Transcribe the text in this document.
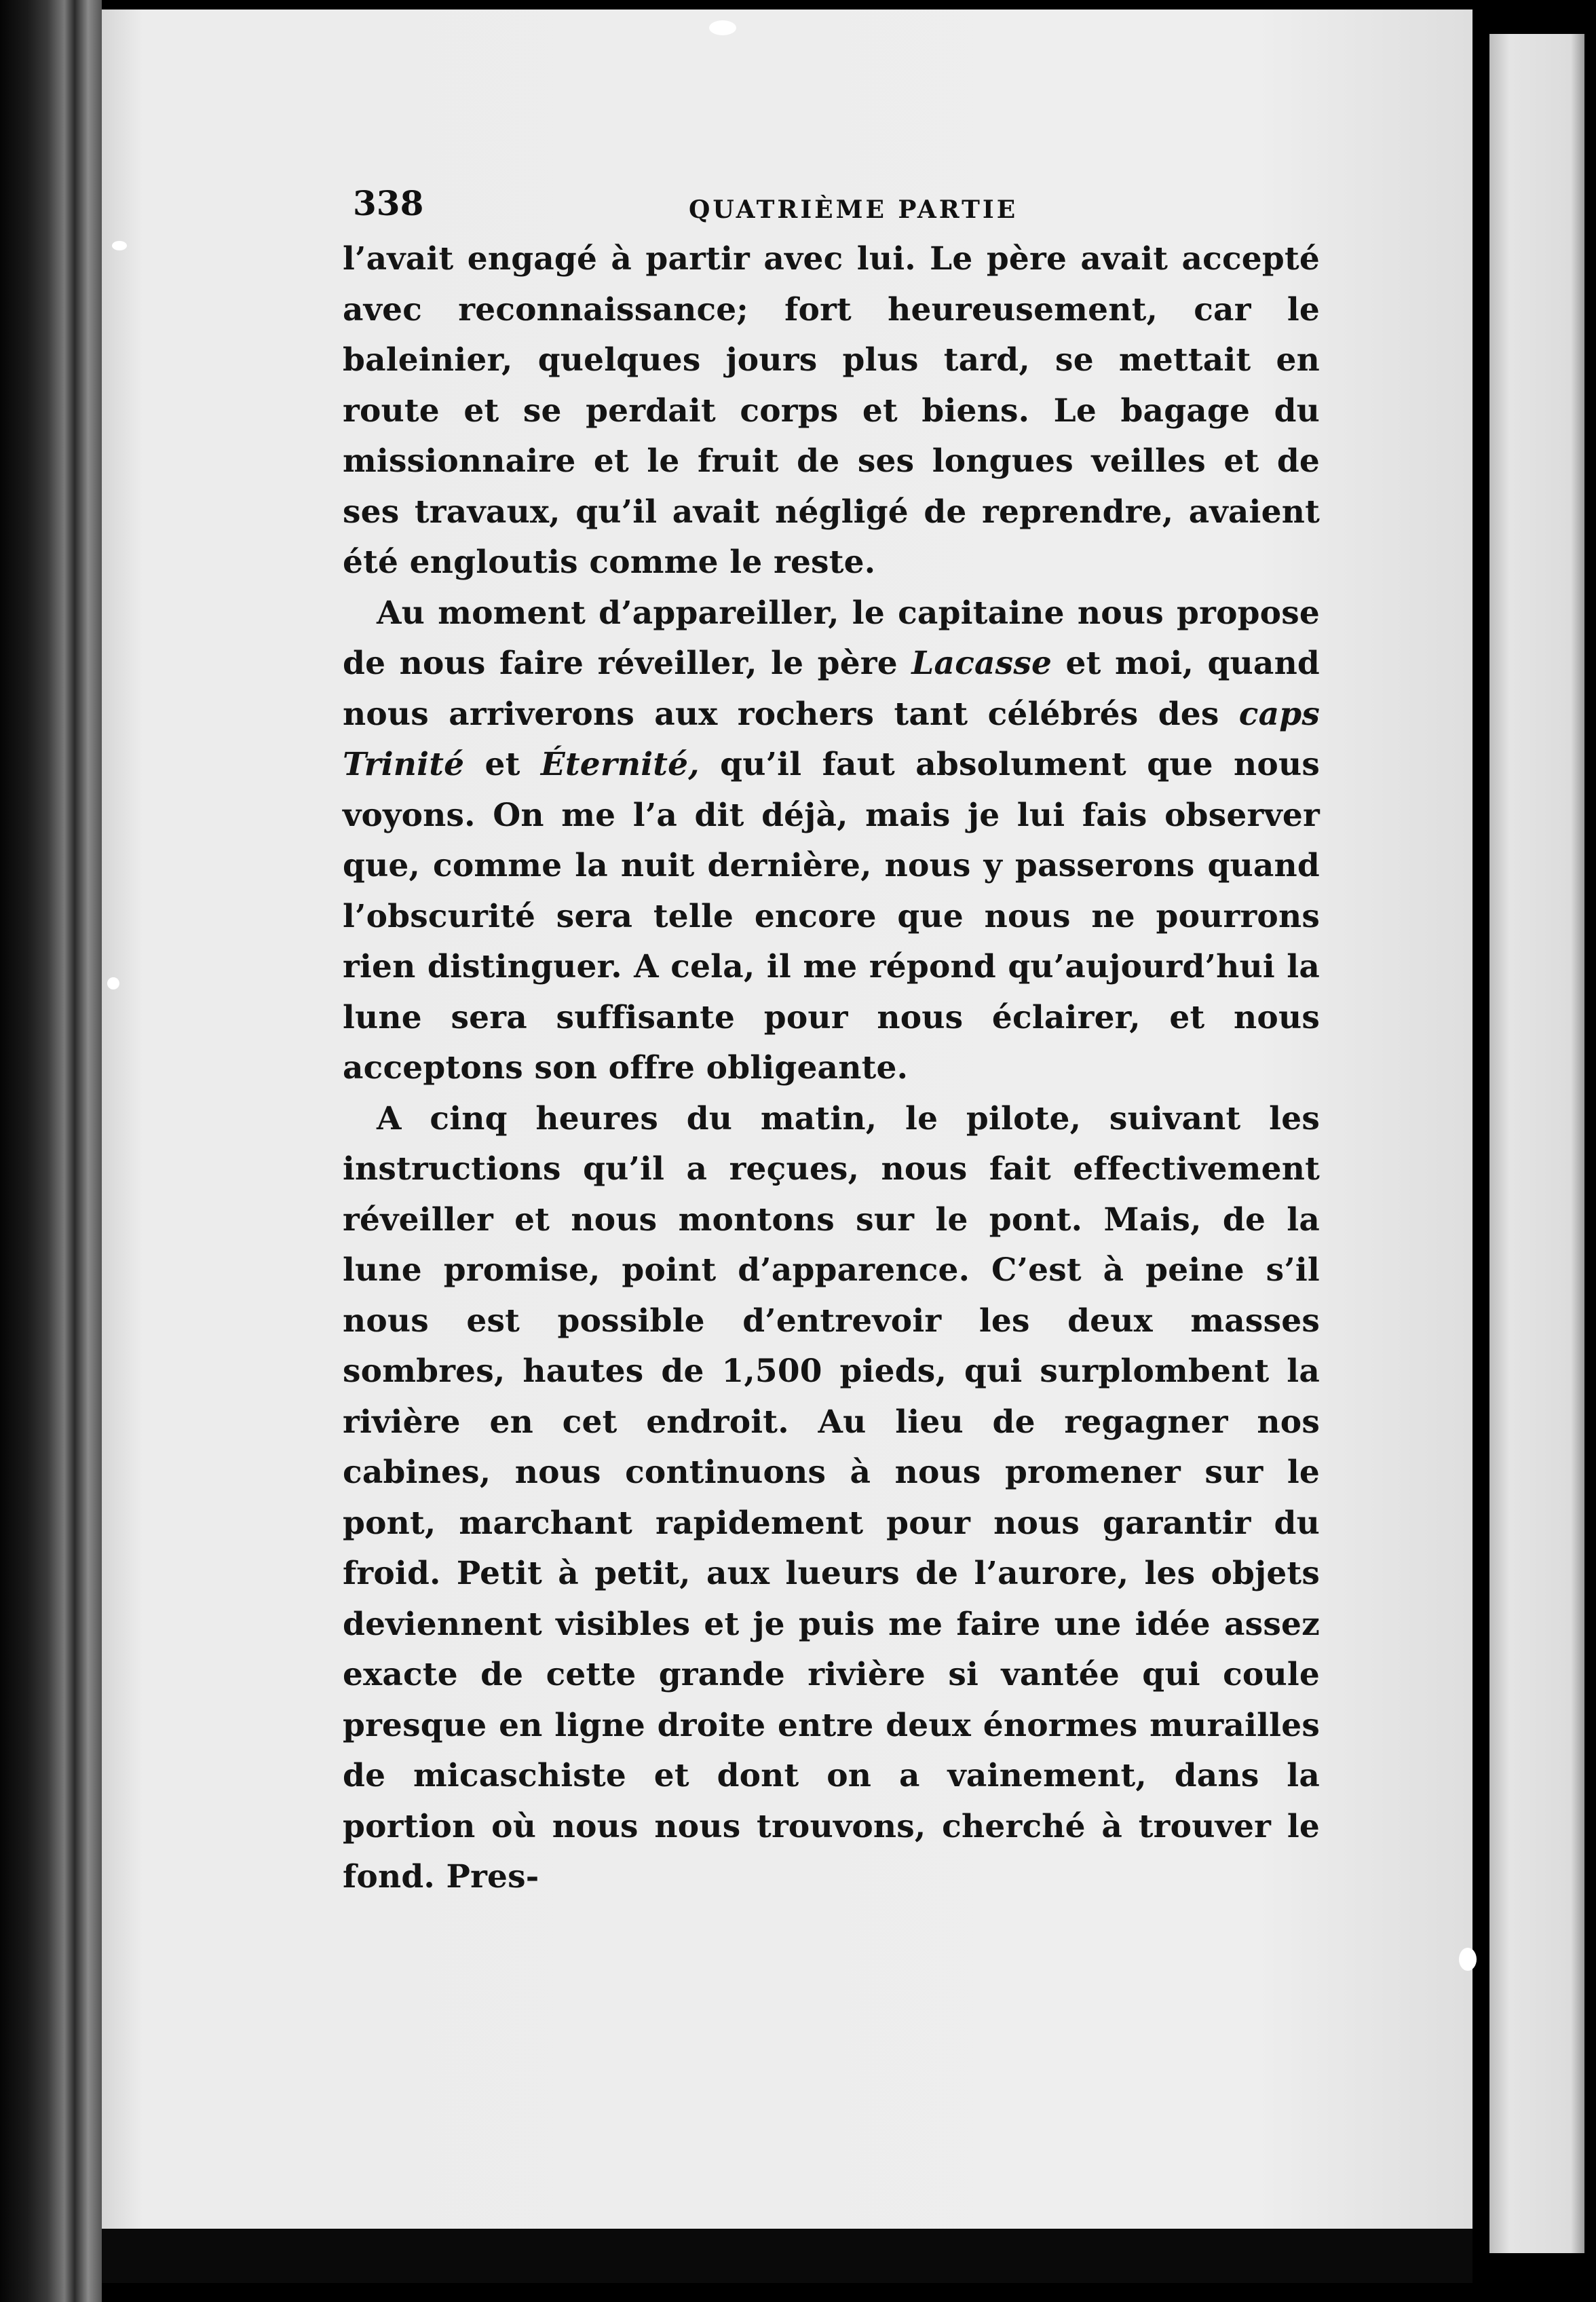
338	QUATRIÈME PARTIE

l’avait engagé à partir avec lui. Le père avait accepté avec reconnaissance; fort heureusement, car le baleinier, quelques jours plus tard, se mettait en route et se perdait corps et biens. Le bagage du missionnaire et le fruit de ses longues veilles et de ses travaux, qu’il avait négligé de reprendre, avaient été engloutis comme le reste.

Au moment d’appareiller, le capitaine nous propose de nous faire réveiller, le père Lacasse et moi, quand nous arriverons aux rochers tant célébrés des caps Trinité et Éternité, qu’il faut absolument que nous voyons. On me l’a dit déjà, mais je lui fais observer que, comme la nuit dernière, nous y passerons quand l’obscurité sera telle encore que nous ne pourrons rien distinguer. A cela, il me répond qu’aujourd’hui la lune sera suffisante pour nous éclairer, et nous acceptons son offre obligeante.

A cinq heures du matin, le pilote, suivant les instructions qu’il a reçues, nous fait effectivement réveiller et nous montons sur le pont. Mais, de la lune promise, point d’apparence. C’est à peine s’il nous est possible d’entrevoir les deux masses sombres, hautes de 1,500 pieds, qui surplombent la rivière en cet endroit. Au lieu de regagner nos cabines, nous continuons à nous promener sur le pont, marchant rapidement pour nous garantir du froid. Petit à petit, aux lueurs de l’aurore, les objets deviennent visibles et je puis me faire une idée assez exacte de cette grande rivière si vantée qui coule presque en ligne droite entre deux énormes murailles de micaschiste et dont on a vainement, dans la portion où nous nous trouvons, cherché à trouver le fond. Pres-
